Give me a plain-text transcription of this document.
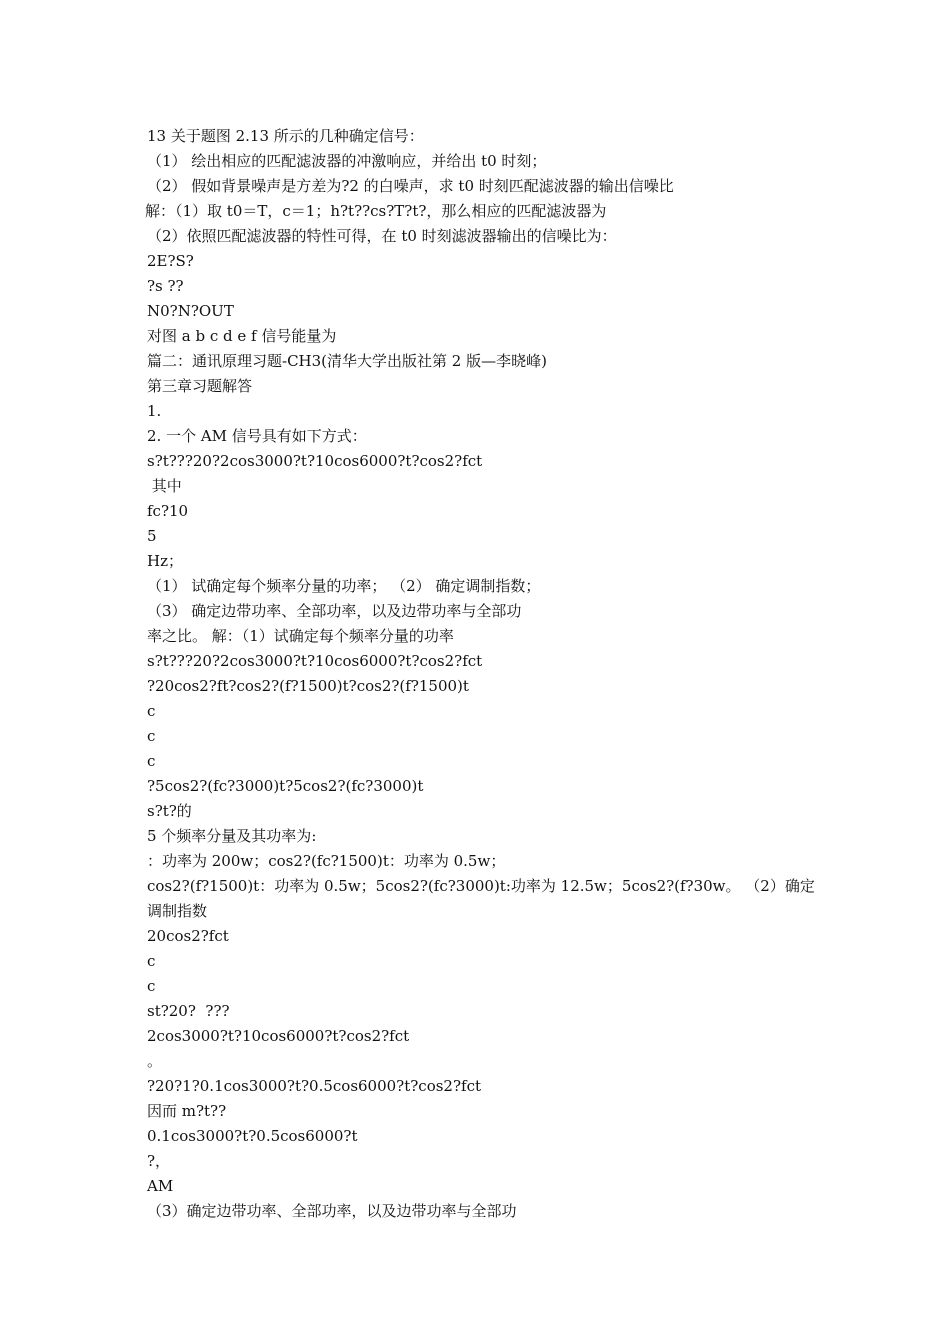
13 关于题图 2.13 所示的几种确定信号：
（1） 绘出相应的匹配滤波器的冲激响应，并给出 t0 时刻；
（2） 假如背景噪声是方差为?2 的白噪声，求 t0 时刻匹配滤波器的输出信噪比
解：（1）取 t0＝T，c＝1；h?t??cs?T?t?，那么相应的匹配滤波器为
（2）依照匹配滤波器的特性可得，在 t0 时刻滤波器输出的信噪比为：
2E?S?
?s ??
N0?N?OUT
对图 a b c d e f 信号能量为
篇二：通讯原理习题-CH3(清华大学出版社第 2 版—李晓峰)
第三章习题解答
1.
2. 一个 AM 信号具有如下方式：
s?t???20?2cos3000?t?10cos6000?t?cos2?fct
其中
fc?10
5
Hz；
（1） 试确定每个频率分量的功率； （2） 确定调制指数；
（3） 确定边带功率、全部功率，以及边带功率与全部功
率之比。 解：（1）试确定每个频率分量的功率
s?t???20?2cos3000?t?10cos6000?t?cos2?fct
?20cos2?ft?cos2?(f?1500)t?cos2?(f?1500)t
c
c
c
?5cos2?(fc?3000)t?5cos2?(fc?3000)t
s?t?的
5 个频率分量及其功率为:
：功率为 200w；cos2?(fc?1500)t：功率为 0.5w；
cos2?(f?1500)t：功率为 0.5w；5cos2?(fc?3000)t:功率为 12.5w；5cos2?(f?30w。 （2）确定
调制指数
20cos2?fct
c
c
st?20?  ???
2cos3000?t?10cos6000?t?cos2?fct
。
?20?1?0.1cos3000?t?0.5cos6000?t?cos2?fct
因而 m?t??
0.1cos3000?t?0.5cos6000?t
?，
AM
（3）确定边带功率、全部功率，以及边带功率与全部功
